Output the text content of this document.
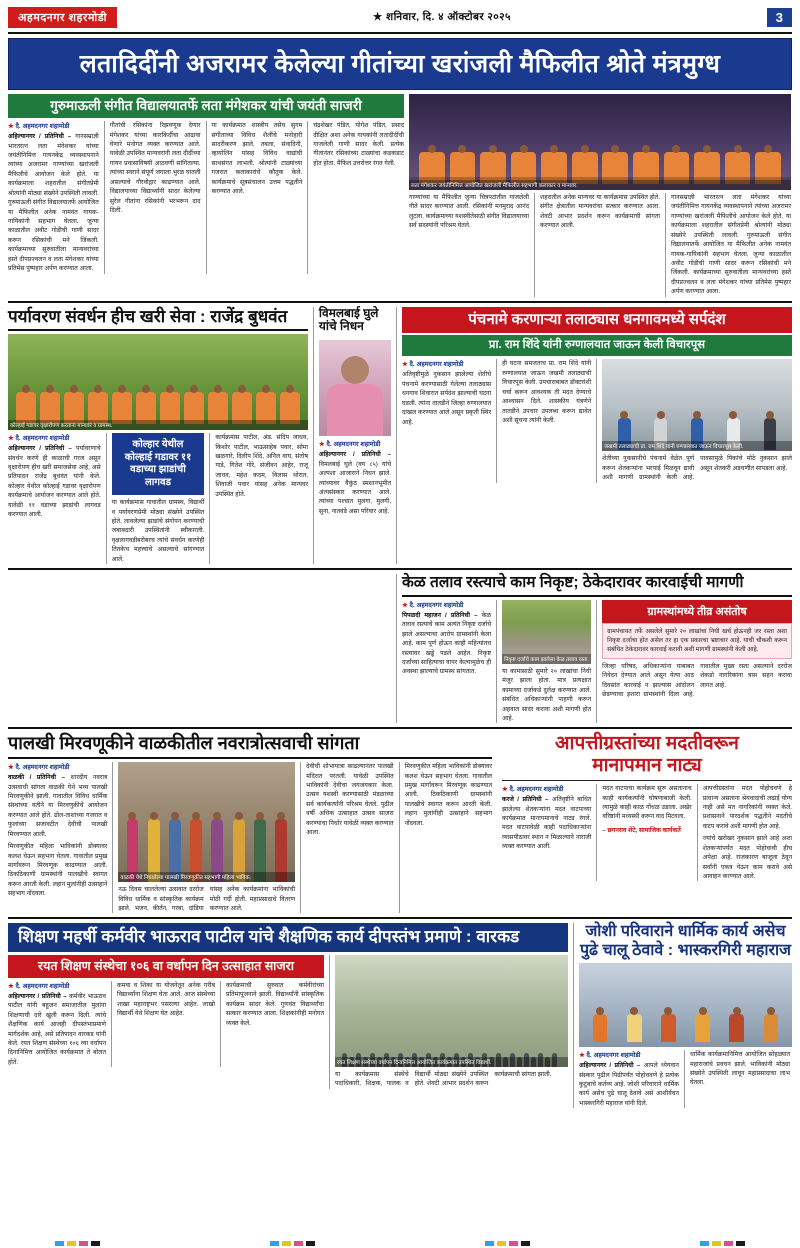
अहमदनगर शहरमोडी	★ शनिवार, दि. ४ ऑक्टोबर २०२५	3
लतादिदींनी अजरामर केलेल्या गीतांच्या खरांजली मैफिलीत श्रोते मंत्रमुग्ध
गुरुमाऊली संगीत विद्यालयातर्फे लता मंगेशकर यांची जयंती साजरी
★ दै. अहमदनगर शहामोडी
अहिल्यानगर / प्रतिनिधी – गानसम्राज्ञी भारतरत्न लता मंगेशकर यांच्या जयंतीनिमित्त गायनकेंद्र व्यवस्थापनाने त्यांच्या अजरामर गाण्यांच्या खरांजली मैफिलीचे आयोजन केले होते. या कार्यक्रमाला शहरातील संगीतप्रेमी श्रोत्यांनी मोठ्या संख्येने उपस्थिती लावली. गुरुमाऊली संगीत विद्यालयातर्फे आयोजित या मैफिलीत अनेक नामवंत गायक-गायिकांनी सहभाग घेतला. जुन्या काळातील अवीट गोडीची गाणी सादर करून रसिकांची मने जिंकली. कार्यक्रमाच्या सुरुवातीला मान्यवरांच्या हस्ते दीपप्रज्वलन व लता मंगेशकर यांच्या प्रतिमेस पुष्पहार अर्पण करण्यात आला.
गीतांची रसिकांना रिझवणूक देणार मंगेशकर यांच्या कारकिर्दीचा आढावा घेणारे मनोगत व्यक्त करण्यात आले. यावेळी उपस्थित मान्यवरांनी लता दीदींच्या गायन प्रवासाविषयी आठवणी सांगितल्या. त्यांच्या स्वराने संपूर्ण जगाला भुरळ घातली असल्याचे गौरवोद्गार काढण्यात आले. विद्यालयाच्या विद्यार्थ्यांनी सादर केलेल्या सुरेल गीतांना रसिकांनी भरभरून दाद दिली.
या कार्यक्रमात शास्त्रीय तसेच सुगम संगीताच्या विविध शैलींचे मनोहारी सादरीकरण झाले. तबला, संवादिनी, व्हायोलिन यांसह विविध वाद्यांची साथसंगत लाभली. श्रोत्यांनी टाळ्यांच्या गजरात कलाकारांचे कौतुक केले. कार्यक्रमाचे सूत्रसंचालन उत्तम पद्धतीने करण्यात आले.
चंद्रशेखर पंडित, योगेश पंडित, प्रसाद दीक्षित अशा अनेक गायकांनी लतादीदींची गाजलेली गाणी सादर केली. प्रत्येक गीतानंतर रसिकांच्या टाळ्यांचा कडकडाट होत होता. मैफिल उत्तरोत्तर रंगत गेली.
लता मंगेशकर जयंतीनिमित्त आयोजित खरांजली मैफिलीत सहभागी कलाकार व मान्यवर.
गाण्यांच्या या मैफिलीत जुन्या चित्रपटांतील गाजलेली गीते सादर करण्यात आली. रसिकांनी मनमुराद आनंद लुटला. कार्यक्रमाच्या यशस्वीतेसाठी संगीत विद्यालयाच्या सर्व सदस्यांनी परिश्रम घेतले.
शहरातील अनेक मान्यवर या कार्यक्रमास उपस्थित होते. संगीत क्षेत्रातील मान्यवरांचा सत्कार करण्यात आला. शेवटी आभार प्रदर्शन करून कार्यक्रमाची सांगता करण्यात आली.
गानसम्राज्ञी भारतरत्न लता मंगेशकर यांच्या जयंतीनिमित्त गायनकेंद्र व्यवस्थापनाने त्यांच्या अजरामर गाण्यांच्या खरांजली मैफिलीचे आयोजन केले होते. या कार्यक्रमाला शहरातील संगीतप्रेमी श्रोत्यांनी मोठ्या संख्येने उपस्थिती लावली. गुरुमाऊली संगीत विद्यालयातर्फे आयोजित या मैफिलीत अनेक नामवंत गायक-गायिकांनी सहभाग घेतला. जुन्या काळातील अवीट गोडीची गाणी सादर करून रसिकांची मने जिंकली. कार्यक्रमाच्या सुरुवातीला मान्यवरांच्या हस्ते दीपप्रज्वलन व लता मंगेशकर यांच्या प्रतिमेस पुष्पहार अर्पण करण्यात आला.
पर्यावरण संवर्धन हीच खरी सेवा : राजेंद्र बुधवंत
कोल्हाई गडावर वृक्षारोपण करताना मान्यवर व ग्रामस्थ.
★ दै. अहमदनगर शहामोडी
अहिल्यानगर / प्रतिनिधी – पर्यावरणाचे संवर्धन करणे ही काळाची गरज असून वृक्षारोपण हीच खरी समाजसेवा आहे, असे प्रतिपादन राजेंद्र बुधवंत यांनी केले. कोल्हार येथील कोल्हाई गडावर वृक्षारोपण कार्यक्रमाचे आयोजन करण्यात आले होते. यावेळी ११ वडाच्या झाडांची लागवड करण्यात आली.
कोल्हार येथील कोल्हाई गडावर ११ वडाच्या झाडांची लागवड
या कार्यक्रमास गावातील ग्रामस्थ, विद्यार्थी व पर्यावरणप्रेमी मोठ्या संख्येने उपस्थित होते. लावलेल्या झाडांचे संगोपन करण्याची जबाबदारी उपस्थितांनी स्वीकारली. वृक्षलागवडीबरोबरच त्यांचे संवर्धन करणेही तितकेच महत्त्वाचे असल्याचे सांगण्यात आले.
कार्यक्रमास पाटील, अंड. संदिप जाधव, किशोर पाटील, भाऊसाहेब पवार, सोमा खळगारे, दिलीप शिंदे, अनिल वाघ, संतोष गाडे, गितेश गोरे, संजीवन आहेर, राजू जाधव, महेश कदम, विलास थोरात, शिवाजी पवार यांसह अनेक मान्यवर उपस्थित होते.
विमलबाई घुले यांचे निधन
★ दै. अहमदनगर शहामोडी
अहिल्यानगर / प्रतिनिधी – विमलबाई घुले (वय ८५) यांचे अल्पशा आजाराने निधन झाले. त्यांच्यावर वैकुंठ स्मशानभूमीत अंत्यसंस्कार करण्यात आले. त्यांच्या पश्चात मुलगा, मुलगी, सुना, नातवंडे असा परिवार आहे.
पंचनामे करणाऱ्या तलाठ्यास धनगावमध्ये सर्पदंश
प्रा. राम शिंदे यांनी रुग्णालयात जाऊन केली विचारपूस
★ दै. अहमदनगर शहामोडी
अतिवृष्टीमुळे नुकसान झालेल्या शेतीचे पंचनामे करण्यासाठी गेलेल्या तलाठ्यास धनगाव शिवारात सर्पदंश झाल्याची घटना घडली. त्यांना तातडीने जिल्हा रुग्णालयात दाखल करण्यात आले असून प्रकृती स्थिर आहे.
ही घटना समजताच प्रा. राम शिंदे यांनी रुग्णालयात जाऊन जखमी तलाठ्याची विचारपूस केली. उपचाराबाबत डॉक्टरांशी चर्चा करून आवश्यक ती मदत देण्याचे आश्वासन दिले. शासकीय यंत्रणेने तातडीने उपचार उपलब्ध करून द्यावेत अशी सूचना त्यांनी केली.
जखमी तलाठ्याची प्रा. राम शिंदे यांनी रुग्णालयात जाऊन विचारपूस केली.
शेतीच्या नुकसानीचे पंचनामे वेळेत पूर्ण करून शेतकऱ्यांना भरपाई मिळवून द्यावी अशी मागणी ग्रामस्थांनी केली आहे. पावसामुळे पिकांचे मोठे नुकसान झाले असून शेतकरी अडचणीत सापडला आहे.
केळ तलाव रस्त्याचे काम निकृष्ट; ठेकेदारावर कारवाईची मागणी
★ दै. अहमदनगर शहामोडी
पिपळदी महाजन / प्रतिनिधी – केळ तलाव रस्त्याचे काम अत्यंत निकृष्ट दर्जाचे झाले असल्याचा आरोप ग्रामस्थांनी केला आहे. काम पूर्ण होऊन काही महिन्यांतच रस्त्यावर खड्डे पडले आहेत. निकृष्ट दर्जाच्या साहित्याचा वापर केल्यामुळेच ही अवस्था झाल्याचे ग्रामस्थ सांगतात.
निकृष्ट दर्जाचे काम झालेला केळ तलाव रस्ता.
या कामासाठी सुमारे २० लाखांचा निधी मंजूर झाला होता. मात्र प्रत्यक्षात कामाच्या दर्जाकडे दुर्लक्ष करण्यात आले. संबंधित अधिकाऱ्यांनी पाहणी करून अहवाल सादर करावा अशी मागणी होत आहे.
ग्रामस्थांमध्ये तीव्र असंतोष
ग्रामपंचायत तर्फे असलेले सुमारे २० लाखांचा निधी खर्च होऊनही जर रस्ता अशा निकृष्ट दर्जाचा होत असेल तर हा एक प्रकारचा भ्रष्टाचार आहे. याची चौकशी करून संबंधित ठेकेदारावर कारवाई करावी अशी मागणी ग्रामस्थांनी केली आहे.
जिल्हा परिषद, अधिकाऱ्यांना याबाबत निवेदन देण्यात आले असून येत्या आठ दिवसांत कारवाई न झाल्यास आंदोलन छेडण्याचा इशारा ग्रामस्थांनी दिला आहे. गावातील मुख्य रस्ता असल्याने दररोज शेकडो नागरिकांना त्रास सहन करावा लागत आहे.
पालखी मिरवणूकीने वाळकीतील नवरात्रोत्सवाची सांगता
★ दै. अहमदनगर शहामोडी
वाळकी / प्रतिनिधी – शारदीय नवरात्र उत्सवाची सांगता वाळकी येथे भव्य पालखी मिरवणुकीने झाली. गावातील विविध धार्मिक संस्थांच्या वतीने या मिरवणुकीचे आयोजन करण्यात आले होते. ढोल-ताशांच्या गजरात व फुलांच्या सजावटीत देवीची पालखी मिरवण्यात आली.
मिरवणुकीत महिला भाविकांनी डोक्यावर कलश घेऊन सहभाग घेतला. गावातील प्रमुख मार्गांवरून मिरवणूक काढण्यात आली. ठिकठिकाणी ग्रामस्थांनी पालखीचे स्वागत करून आरती केली. लहान मुलांनीही उत्साहाने सहभाग नोंदवला.
वाळकी येथे निघालेल्या पालखी मिरवणुकीत सहभागी महिला भाविक.
नऊ दिवस चाललेल्या उत्सवात दररोज विविध धार्मिक व सांस्कृतिक कार्यक्रम झाले. भजन, कीर्तन, गरबा, दांडिया यांसह अनेक कार्यक्रमांना भाविकांची मोठी गर्दी होती. महाप्रसादाचे वितरण करण्यात आले.
देवीची शोभायात्रा काढल्यानंतर पालखी मंदिरात परतली. यावेळी उपस्थित भाविकांनी देवीचा जयजयकार केला. उत्सव यशस्वी करण्यासाठी मंडळाच्या सर्व कार्यकर्त्यांनी परिश्रम घेतले. पुढील वर्षी अधिक उत्साहात उत्सव साजरा करण्याचा निर्धार यावेळी व्यक्त करण्यात आला.
मिरवणुकीत महिला भाविकांनी डोक्यावर कलश घेऊन सहभाग घेतला. गावातील प्रमुख मार्गांवरून मिरवणूक काढण्यात आली. ठिकठिकाणी ग्रामस्थांनी पालखीचे स्वागत करून आरती केली. लहान मुलांनीही उत्साहाने सहभाग नोंदवला.
आपत्तीग्रस्तांच्या मदतीवरून
मानापमान नाट्य
★ दै. अहमदनगर शहामोडी
करजे / प्रतिनिधी – अतिवृष्टीने बाधित झालेल्या शेतकऱ्यांना मदत वाटपाच्या कार्यक्रमात मानापमानाचे नाट्य रंगले. मदत वाटपावेळी काही पदाधिकाऱ्यांना व्यासपीठावर स्थान न मिळाल्याने नाराजी व्यक्त करण्यात आली.
मदत वाटपाचा कार्यक्रम सुरू असतानाच काही कार्यकर्त्यांनी घोषणाबाजी केली. त्यामुळे काही काळ गोंधळ उडाला. अखेर वरिष्ठांनी मध्यस्थी करून वाद मिटवला.
– छगनराव शेटे, सामाजिक कार्यकर्ते
आपत्तीग्रस्तांना मदत पोहोचवणे हे प्राधान्य असताना श्रेयवादाची लढाई योग्य नाही असे मत नागरिकांनी व्यक्त केले. प्रशासनाने पारदर्शक पद्धतीने मदतीचे वाटप करावे अशी मागणी होत आहे.
ज्यांचे खरोखर नुकसान झाले आहे अशा शेतकऱ्यांपर्यंत मदत पोहोचावी हीच अपेक्षा आहे. राजकारण बाजूला ठेवून सर्वांनी एकत्र येऊन काम करावे असे आवाहन करण्यात आले.
शिक्षण महर्षी कर्मवीर भाऊराव पाटील यांचे शैक्षणिक कार्य दीपस्तंभ प्रमाणे : वारकड
रयत शिक्षण संस्थेचा १०६ वा वर्धापन दिन उत्साहात साजरा
★ दै. अहमदनगर शहामोडी
अहिल्यानगर / प्रतिनिधी – कर्मवीर भाऊराव पाटील यांनी बहुजन समाजातील मुलांना शिक्षणाची दारे खुली करून दिली. त्यांचे शैक्षणिक कार्य आजही दीपस्तंभाप्रमाणे मार्गदर्शक आहे, असे प्रतिपादन वारकड यांनी केले. रयत शिक्षण संस्थेच्या १०६ व्या वर्धापन दिनानिमित्त आयोजित कार्यक्रमात ते बोलत होते.
कमवा व शिका या योजनेतून अनेक गरीब विद्यार्थ्यांना शिक्षण घेता आले. आज संस्थेच्या शाखा महाराष्ट्रभर पसरल्या आहेत. लाखो विद्यार्थी येथे शिक्षण घेत आहेत.
कार्यक्रमाची सुरुवात कर्मवीरांच्या प्रतिमापूजनाने झाली. विद्यार्थ्यांनी सांस्कृतिक कार्यक्रम सादर केले. गुणवंत विद्यार्थ्यांचा सत्कार करण्यात आला. शिक्षकांनीही मनोगत व्यक्त केले.
रयत शिक्षण संस्थेच्या वर्धापन दिनानिमित्त आयोजित कार्यक्रमात उपस्थित विद्यार्थी.
या कार्यक्रमास संस्थेचे पदाधिकारी, शिक्षक, पालक व विद्यार्थी मोठ्या संख्येने उपस्थित होते. शेवटी आभार प्रदर्शन करून कार्यक्रमाची सांगता झाली.
जोशी परिवाराने धार्मिक कार्य असेच पुढे चालू ठेवावे : भास्करगिरी महाराज
★ दै. अहमदनगर शहामोडी
अहिल्यानगर / प्रतिनिधी – आपले ध्येयवान संस्कार पुढील पिढीपर्यंत पोहोचवणे हे प्रत्येक कुटुंबाचे कर्तव्य आहे. जोशी परिवाराने धार्मिक कार्य असेच पुढे चालू ठेवावे असे आशीर्वचन भास्करगिरी महाराज यांनी दिले.
धार्मिक कार्यक्रमानिमित्त आयोजित सोहळ्यात महाराजांचे प्रवचन झाले. भाविकांनी मोठ्या संख्येने उपस्थिती लावून महाप्रसादाचा लाभ घेतला.
